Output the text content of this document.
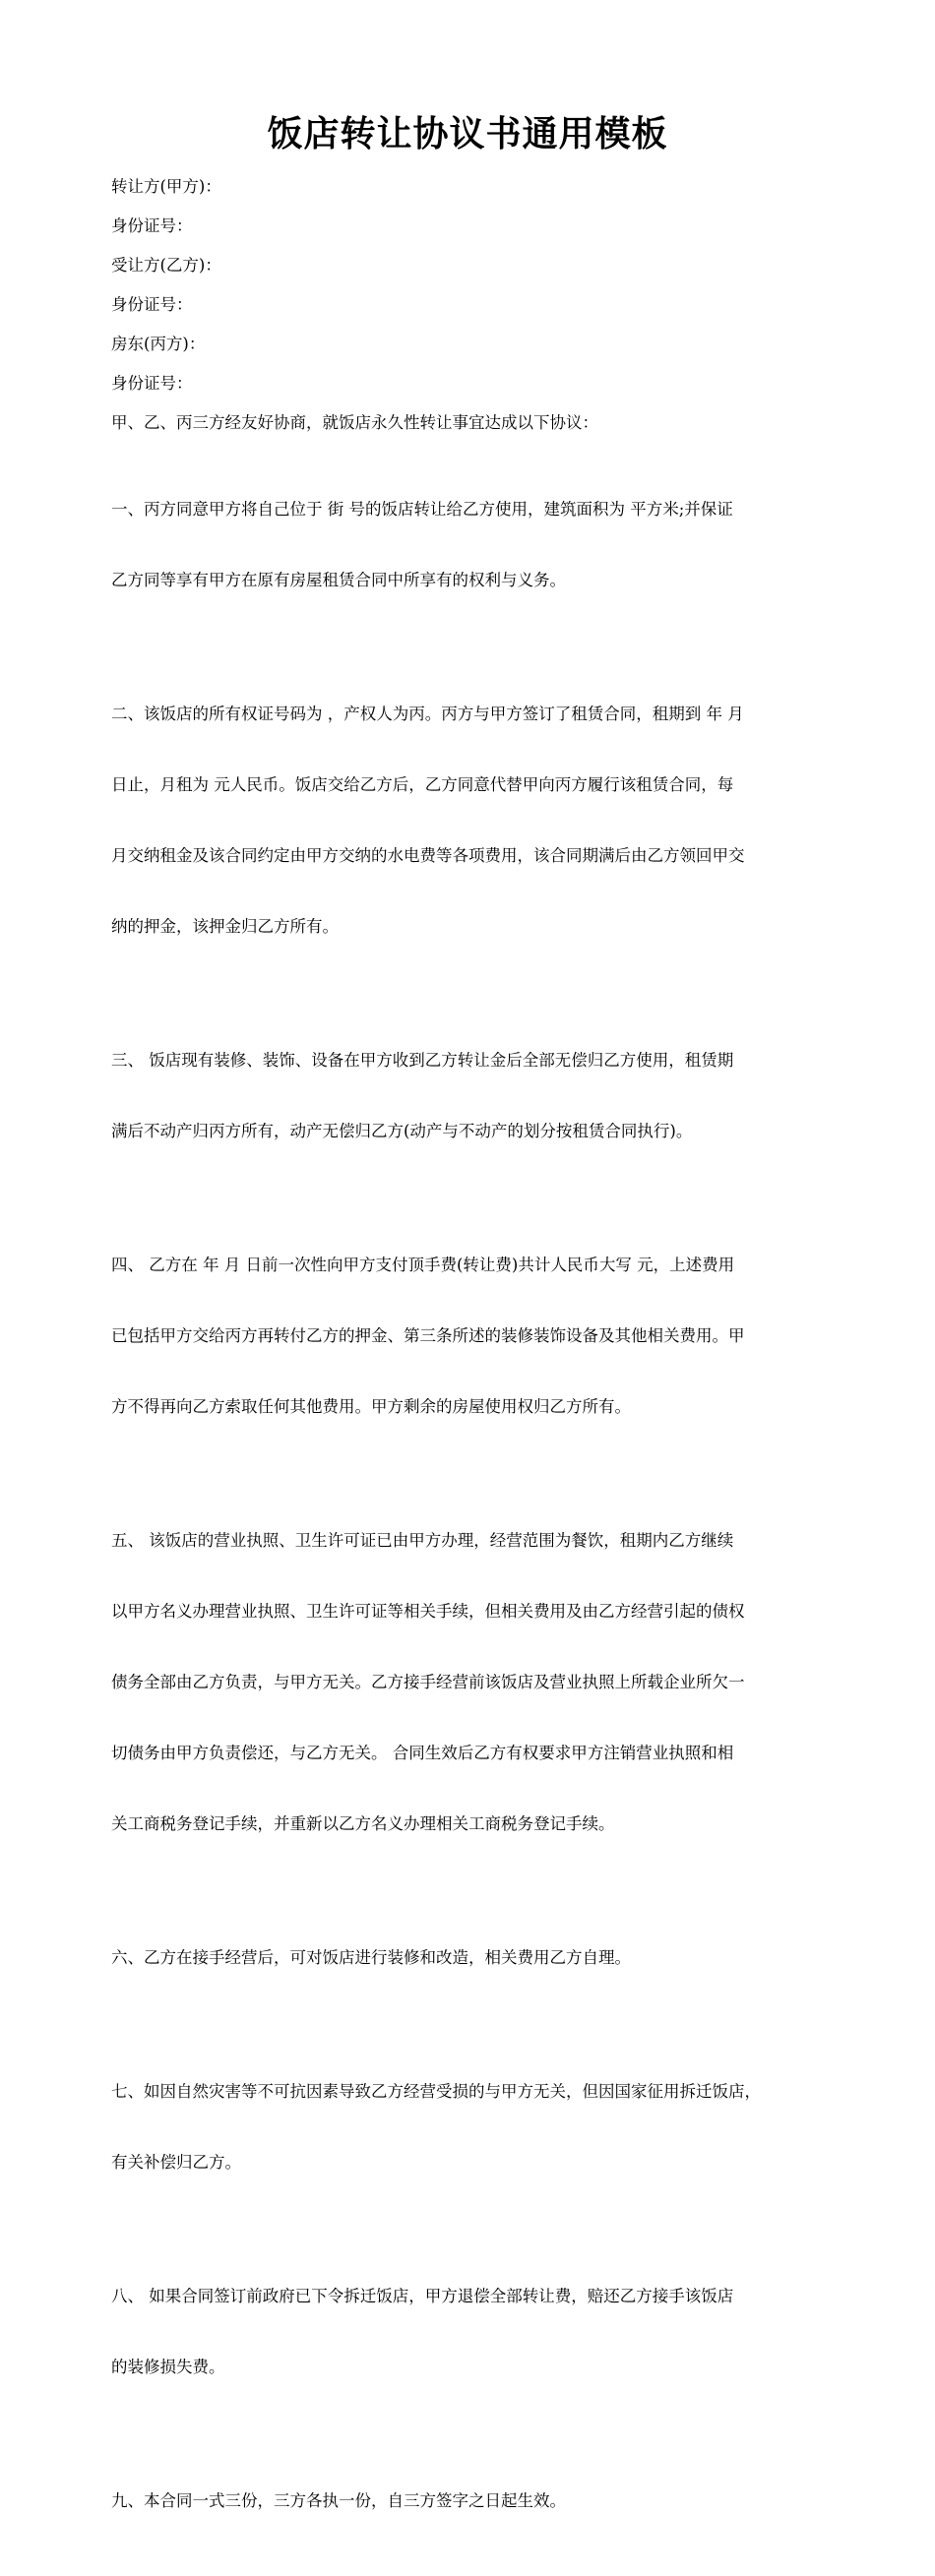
饭店转让协议书通用模板

转让方(甲方)：

身份证号：

受让方(乙方)：

身份证号：

房东(丙方)：

身份证号：

甲、乙、丙三方经友好协商，就饭店永久性转让事宜达成以下协议：

一、丙方同意甲方将自己位于 街 号的饭店转让给乙方使用，建筑面积为 平方米;并保证

乙方同等享有甲方在原有房屋租赁合同中所享有的权利与义务。

二、该饭店的所有权证号码为 ，产权人为丙。丙方与甲方签订了租赁合同，租期到 年 月

日止，月租为 元人民币。饭店交给乙方后，乙方同意代替甲向丙方履行该租赁合同，每

月交纳租金及该合同约定由甲方交纳的水电费等各项费用，该合同期满后由乙方领回甲交

纳的押金，该押金归乙方所有。

三、 饭店现有装修、装饰、设备在甲方收到乙方转让金后全部无偿归乙方使用，租赁期

满后不动产归丙方所有，动产无偿归乙方(动产与不动产的划分按租赁合同执行)。

四、 乙方在 年 月 日前一次性向甲方支付顶手费(转让费)共计人民币大写 元，上述费用

已包括甲方交给丙方再转付乙方的押金、第三条所述的装修装饰设备及其他相关费用。甲

方不得再向乙方索取任何其他费用。甲方剩余的房屋使用权归乙方所有。

五、 该饭店的营业执照、卫生许可证已由甲方办理，经营范围为餐饮，租期内乙方继续

以甲方名义办理营业执照、卫生许可证等相关手续，但相关费用及由乙方经营引起的债权

债务全部由乙方负责，与甲方无关。乙方接手经营前该饭店及营业执照上所载企业所欠一

切债务由甲方负责偿还，与乙方无关。 合同生效后乙方有权要求甲方注销营业执照和相

关工商税务登记手续，并重新以乙方名义办理相关工商税务登记手续。

六、乙方在接手经营后，可对饭店进行装修和改造，相关费用乙方自理。

七、如因自然灾害等不可抗因素导致乙方经营受损的与甲方无关，但因国家征用拆迁饭店，

有关补偿归乙方。

八、 如果合同签订前政府已下令拆迁饭店，甲方退偿全部转让费，赔还乙方接手该饭店

的装修损失费。

九、本合同一式三份，三方各执一份，自三方签字之日起生效。
